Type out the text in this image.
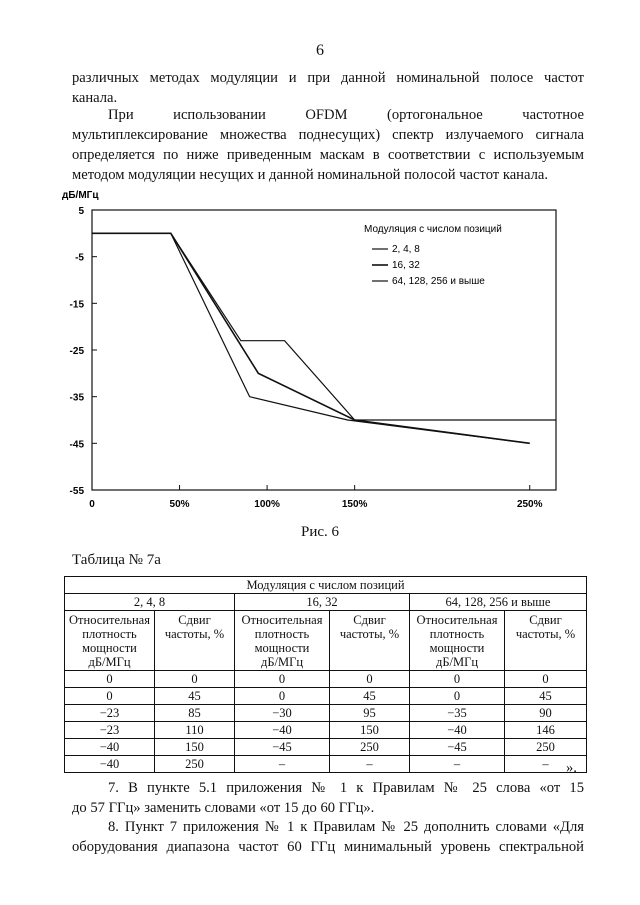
6
различных методах модуляции и при данной номинальной полосе частот
канала.
При использовании OFDM (ортогональное частотное
мультиплексирование множества поднесущих) спектр излучаемого сигнала
определяется по ниже приведенным маскам в соответствии с используемым
методом модуляции несущих и данной номинальной полосой частот канала.
дБ/МГц
5
-5
-15
-25
-35
-45
-55
0	50%	100%	150%	250%
Модуляция с числом позиций
2, 4, 8
16, 32
64, 128, 256 и выше
Рис. 6
Таблица № 7а
Модуляция с числом позиций					
2, 4, 8		16, 32		64, 128, 256 и выше	

Относительная
плотность
мощности
дБ/МГц	Сдвиг
частоты, %	Относительная
плотность
мощности
дБ/МГц	Сдвиг
частоты, %	Относительная
плотность
мощности
дБ/МГц	Сдвиг
частоты, %

0	0	0	0	0	0
0	45	0	45	0	45
−23	85	−30	95	−35	90
−23	110	−40	150	−40	146
−40	150	−45	250	−45	250
−40	250	–	–	–	– ».
7. В пункте 5.1 приложения № 1 к Правилам № 25 слова «от 15
до 57 ГГц» заменить словами «от 15 до 60 ГГц».
8. Пункт 7 приложения № 1 к Правилам № 25 дополнить словами «Для
оборудования диапазона частот 60 ГГц минимальный уровень спектральной
